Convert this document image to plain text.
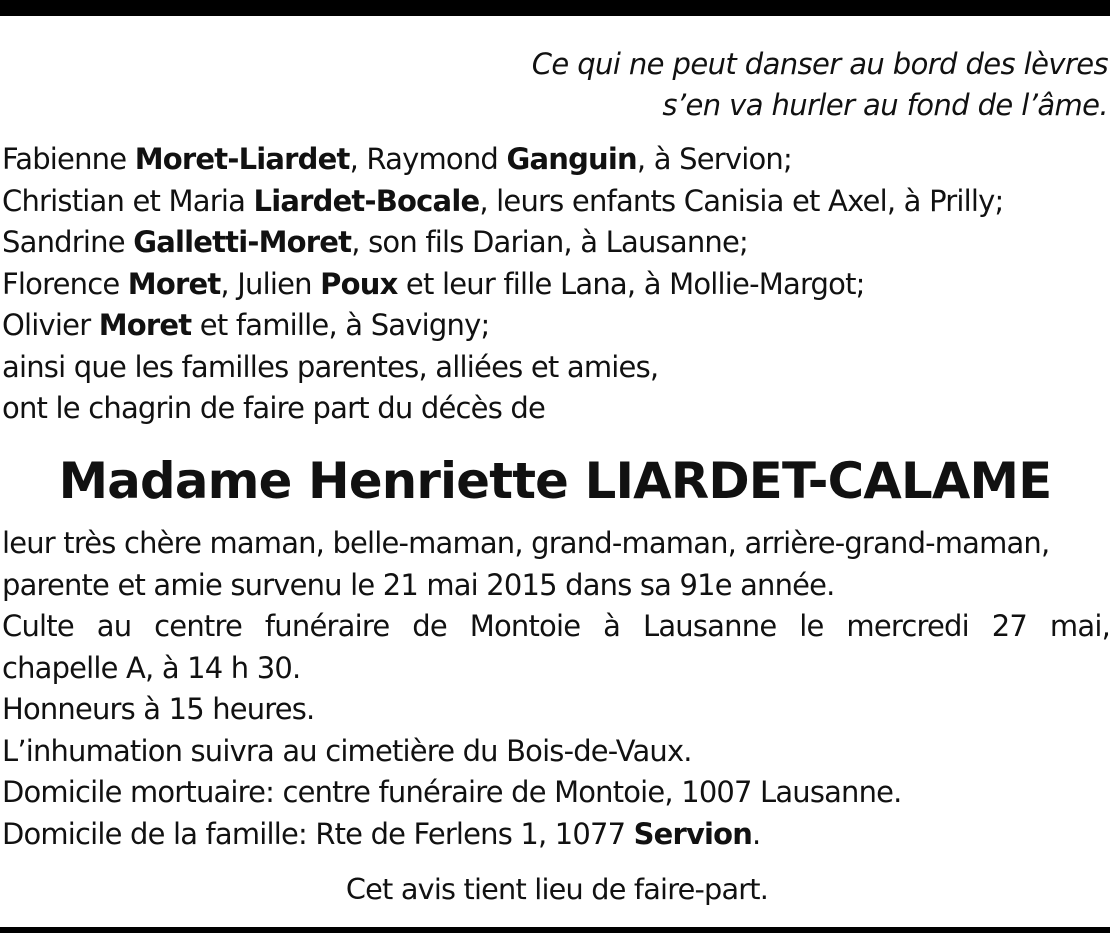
Ce qui ne peut danser au bord des lèvres
s’en va hurler au fond de l’âme.
Fabienne Moret-Liardet, Raymond Ganguin, à Servion;
Christian et Maria Liardet-Bocale, leurs enfants Canisia et Axel, à Prilly;
Sandrine Galletti-Moret, son fils Darian, à Lausanne;
Florence Moret, Julien Poux et leur fille Lana, à Mollie-Margot;
Olivier Moret et famille, à Savigny;
ainsi que les familles parentes, alliées et amies,
ont le chagrin de faire part du décès de
Madame Henriette LIARDET-CALAME
leur très chère maman, belle-maman, grand-maman, arrière-grand-maman,
parente et amie survenu le 21 mai 2015 dans sa 91e année.
Culte au centre funéraire de Montoie à Lausanne le mercredi 27 mai,
chapelle A, à 14 h 30.
Honneurs à 15 heures.
L’inhumation suivra au cimetière du Bois-de-Vaux.
Domicile mortuaire: centre funéraire de Montoie, 1007 Lausanne.
Domicile de la famille: Rte de Ferlens 1, 1077 Servion.
Cet avis tient lieu de faire-part.
